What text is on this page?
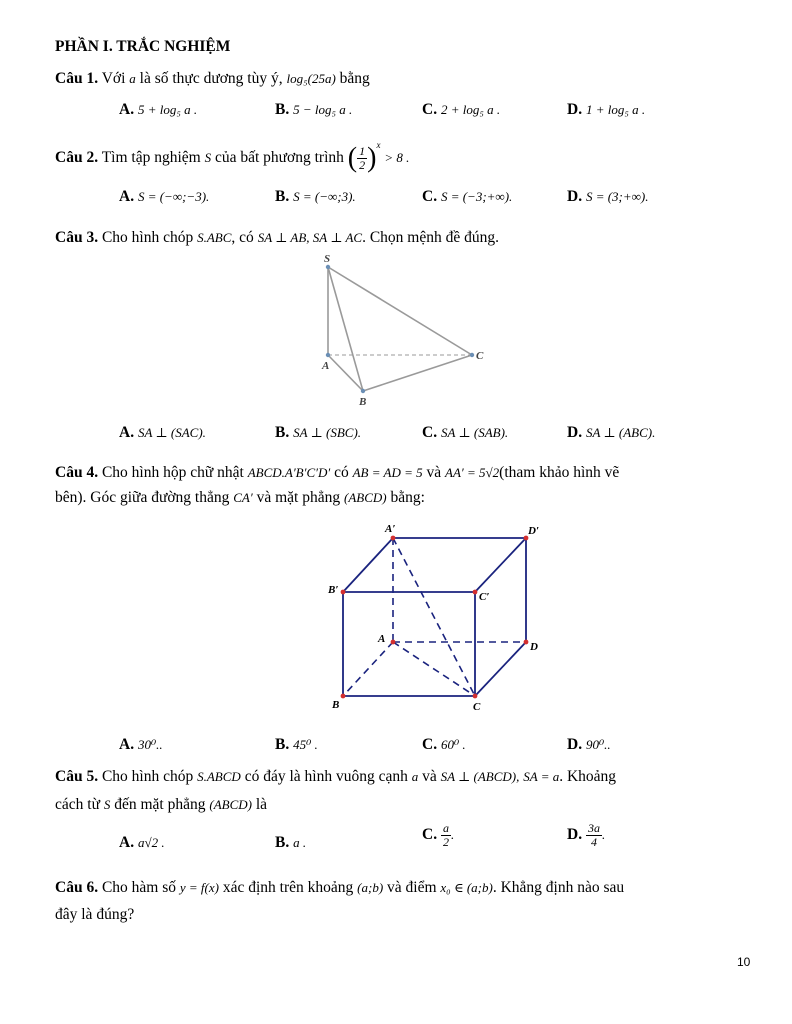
PHẦN I. TRẮC NGHIỆM
Câu 1. Với a là số thực dương tùy ý, log₅(25a) bằng
A. 5 + log₅ a .	B. 5 − log₅ a .	C. 2 + log₅ a .	D. 1 + log₅ a .
Câu 2. Tìm tập nghiệm S của bất phương trình ( $\frac{1}{2} )^x > 8$ .
A. S = (−∞;−3).	B. S = (−∞;3).	C. S = (−3;+∞).	D. S = (3;+∞).
Câu 3. Cho hình chóp S.ABC, có SA ⊥ AB, SA ⊥ AC. Chọn mệnh đề đúng.
S
A
B
C
A. SA ⊥ (SAC).	B. SA ⊥ (SBC).	C. SA ⊥ (SAB).	D. SA ⊥ (ABC).
Câu 4. Cho hình hộp chữ nhật ABCD.A′B′C′D′ có AB = AD = 5 và AA′ = 5√2(tham khảo hình vẽ
bên). Góc giữa đường thẳng CA′ và mặt phẳng (ABCD) bằng:
A′	D′
B′
C′
A
D
B	C
A. 30⁰..	B. 45⁰ .	C. 60⁰ .	D. 90⁰..
Câu 5. Cho hình chóp S.ABCD có đáy là hình vuông cạnh a và SA ⊥ (ABCD), SA = a. Khoảng
cách từ S đến mặt phẳng (ABCD) là
A. a√2 .	B. a .	C. $\frac{a}{2}$ .	D. $\frac{3a}{4}$ .
Câu 6. Cho hàm số y = f(x) xác định trên khoảng (a;b) và điểm x₀ ∈ (a;b). Khẳng định nào sau
đây là đúng?
10
